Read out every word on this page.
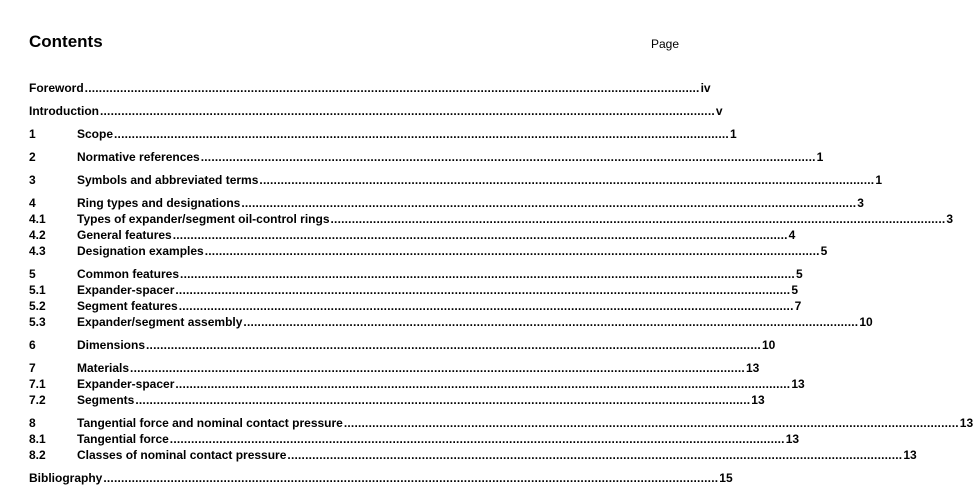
Contents	Page
Foreword .............................................................................................................................................................................. iv
Introduction .............................................................................................................................................................................. v
1	Scope .............................................................................................................................................................................. 1
2	Normative references .............................................................................................................................................................................. 1
3	Symbols and abbreviated terms .............................................................................................................................................................................. 1
4	Ring types and designations .............................................................................................................................................................................. 3
4.1	Types of expander/segment oil-control rings .............................................................................................................................................................................. 3
4.2	General features .............................................................................................................................................................................. 4
4.3	Designation examples .............................................................................................................................................................................. 5
5	Common features .............................................................................................................................................................................. 5
5.1	Expander-spacer .............................................................................................................................................................................. 5
5.2	Segment features .............................................................................................................................................................................. 7
5.3	Expander/segment assembly .............................................................................................................................................................................. 10
6	Dimensions .............................................................................................................................................................................. 10
7	Materials .............................................................................................................................................................................. 13
7.1	Expander-spacer .............................................................................................................................................................................. 13
7.2	Segments .............................................................................................................................................................................. 13
8	Tangential force and nominal contact pressure .............................................................................................................................................................................. 13
8.1	Tangential force .............................................................................................................................................................................. 13
8.2	Classes of nominal contact pressure .............................................................................................................................................................................. 13
Bibliography .............................................................................................................................................................................. 15
